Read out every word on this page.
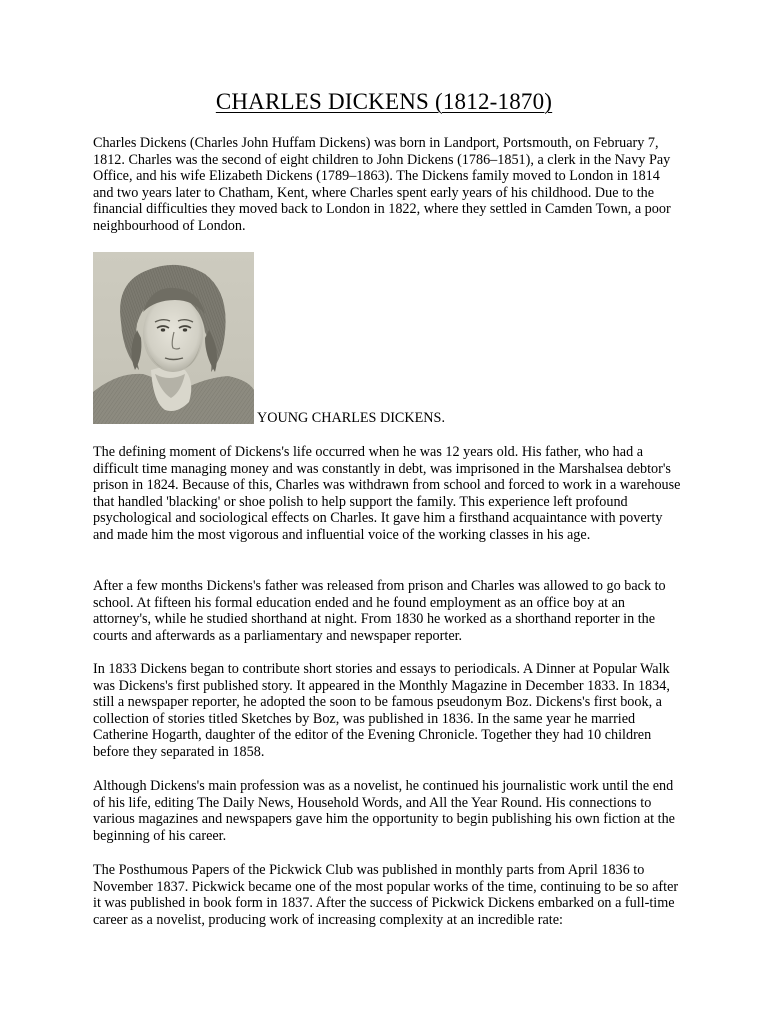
CHARLES DICKENS (1812-1870)

Charles Dickens (Charles John Huffam Dickens) was born in Landport, Portsmouth, on February 7, 1812. Charles was the second of eight children to John Dickens (1786–1851), a clerk in the Navy Pay Office, and his wife Elizabeth Dickens (1789–1863). The Dickens family moved to London in 1814 and two years later to Chatham, Kent, where Charles spent early years of his childhood. Due to the financial difficulties they moved back to London in 1822, where they settled in Camden Town, a poor neighbourhood of London.

YOUNG CHARLES DICKENS.

The defining moment of Dickens's life occurred when he was 12 years old. His father, who had a difficult time managing money and was constantly in debt, was imprisoned in the Marshalsea debtor's prison in 1824. Because of this, Charles was withdrawn from school and forced to work in a warehouse that handled 'blacking' or shoe polish to help support the family. This experience left profound psychological and sociological effects on Charles. It gave him a firsthand acquaintance with poverty and made him the most vigorous and influential voice of the working classes in his age.

After a few months Dickens's father was released from prison and Charles was allowed to go back to school. At fifteen his formal education ended and he found employment as an office boy at an attorney's, while he studied shorthand at night. From 1830 he worked as a shorthand reporter in the courts and afterwards as a parliamentary and newspaper reporter.

In 1833 Dickens began to contribute short stories and essays to periodicals. A Dinner at Popular Walk was Dickens's first published story. It appeared in the Monthly Magazine in December 1833. In 1834, still a newspaper reporter, he adopted the soon to be famous pseudonym Boz. Dickens's first book, a collection of stories titled Sketches by Boz, was published in 1836. In the same year he married Catherine Hogarth, daughter of the editor of the Evening Chronicle. Together they had 10 children before they separated in 1858.

Although Dickens's main profession was as a novelist, he continued his journalistic work until the end of his life, editing The Daily News, Household Words, and All the Year Round. His connections to various magazines and newspapers gave him the opportunity to begin publishing his own fiction at the beginning of his career.

The Posthumous Papers of the Pickwick Club was published in monthly parts from April 1836 to November 1837. Pickwick became one of the most popular works of the time, continuing to be so after it was published in book form in 1837. After the success of Pickwick Dickens embarked on a full-time career as a novelist, producing work of increasing complexity at an incredible rate:
